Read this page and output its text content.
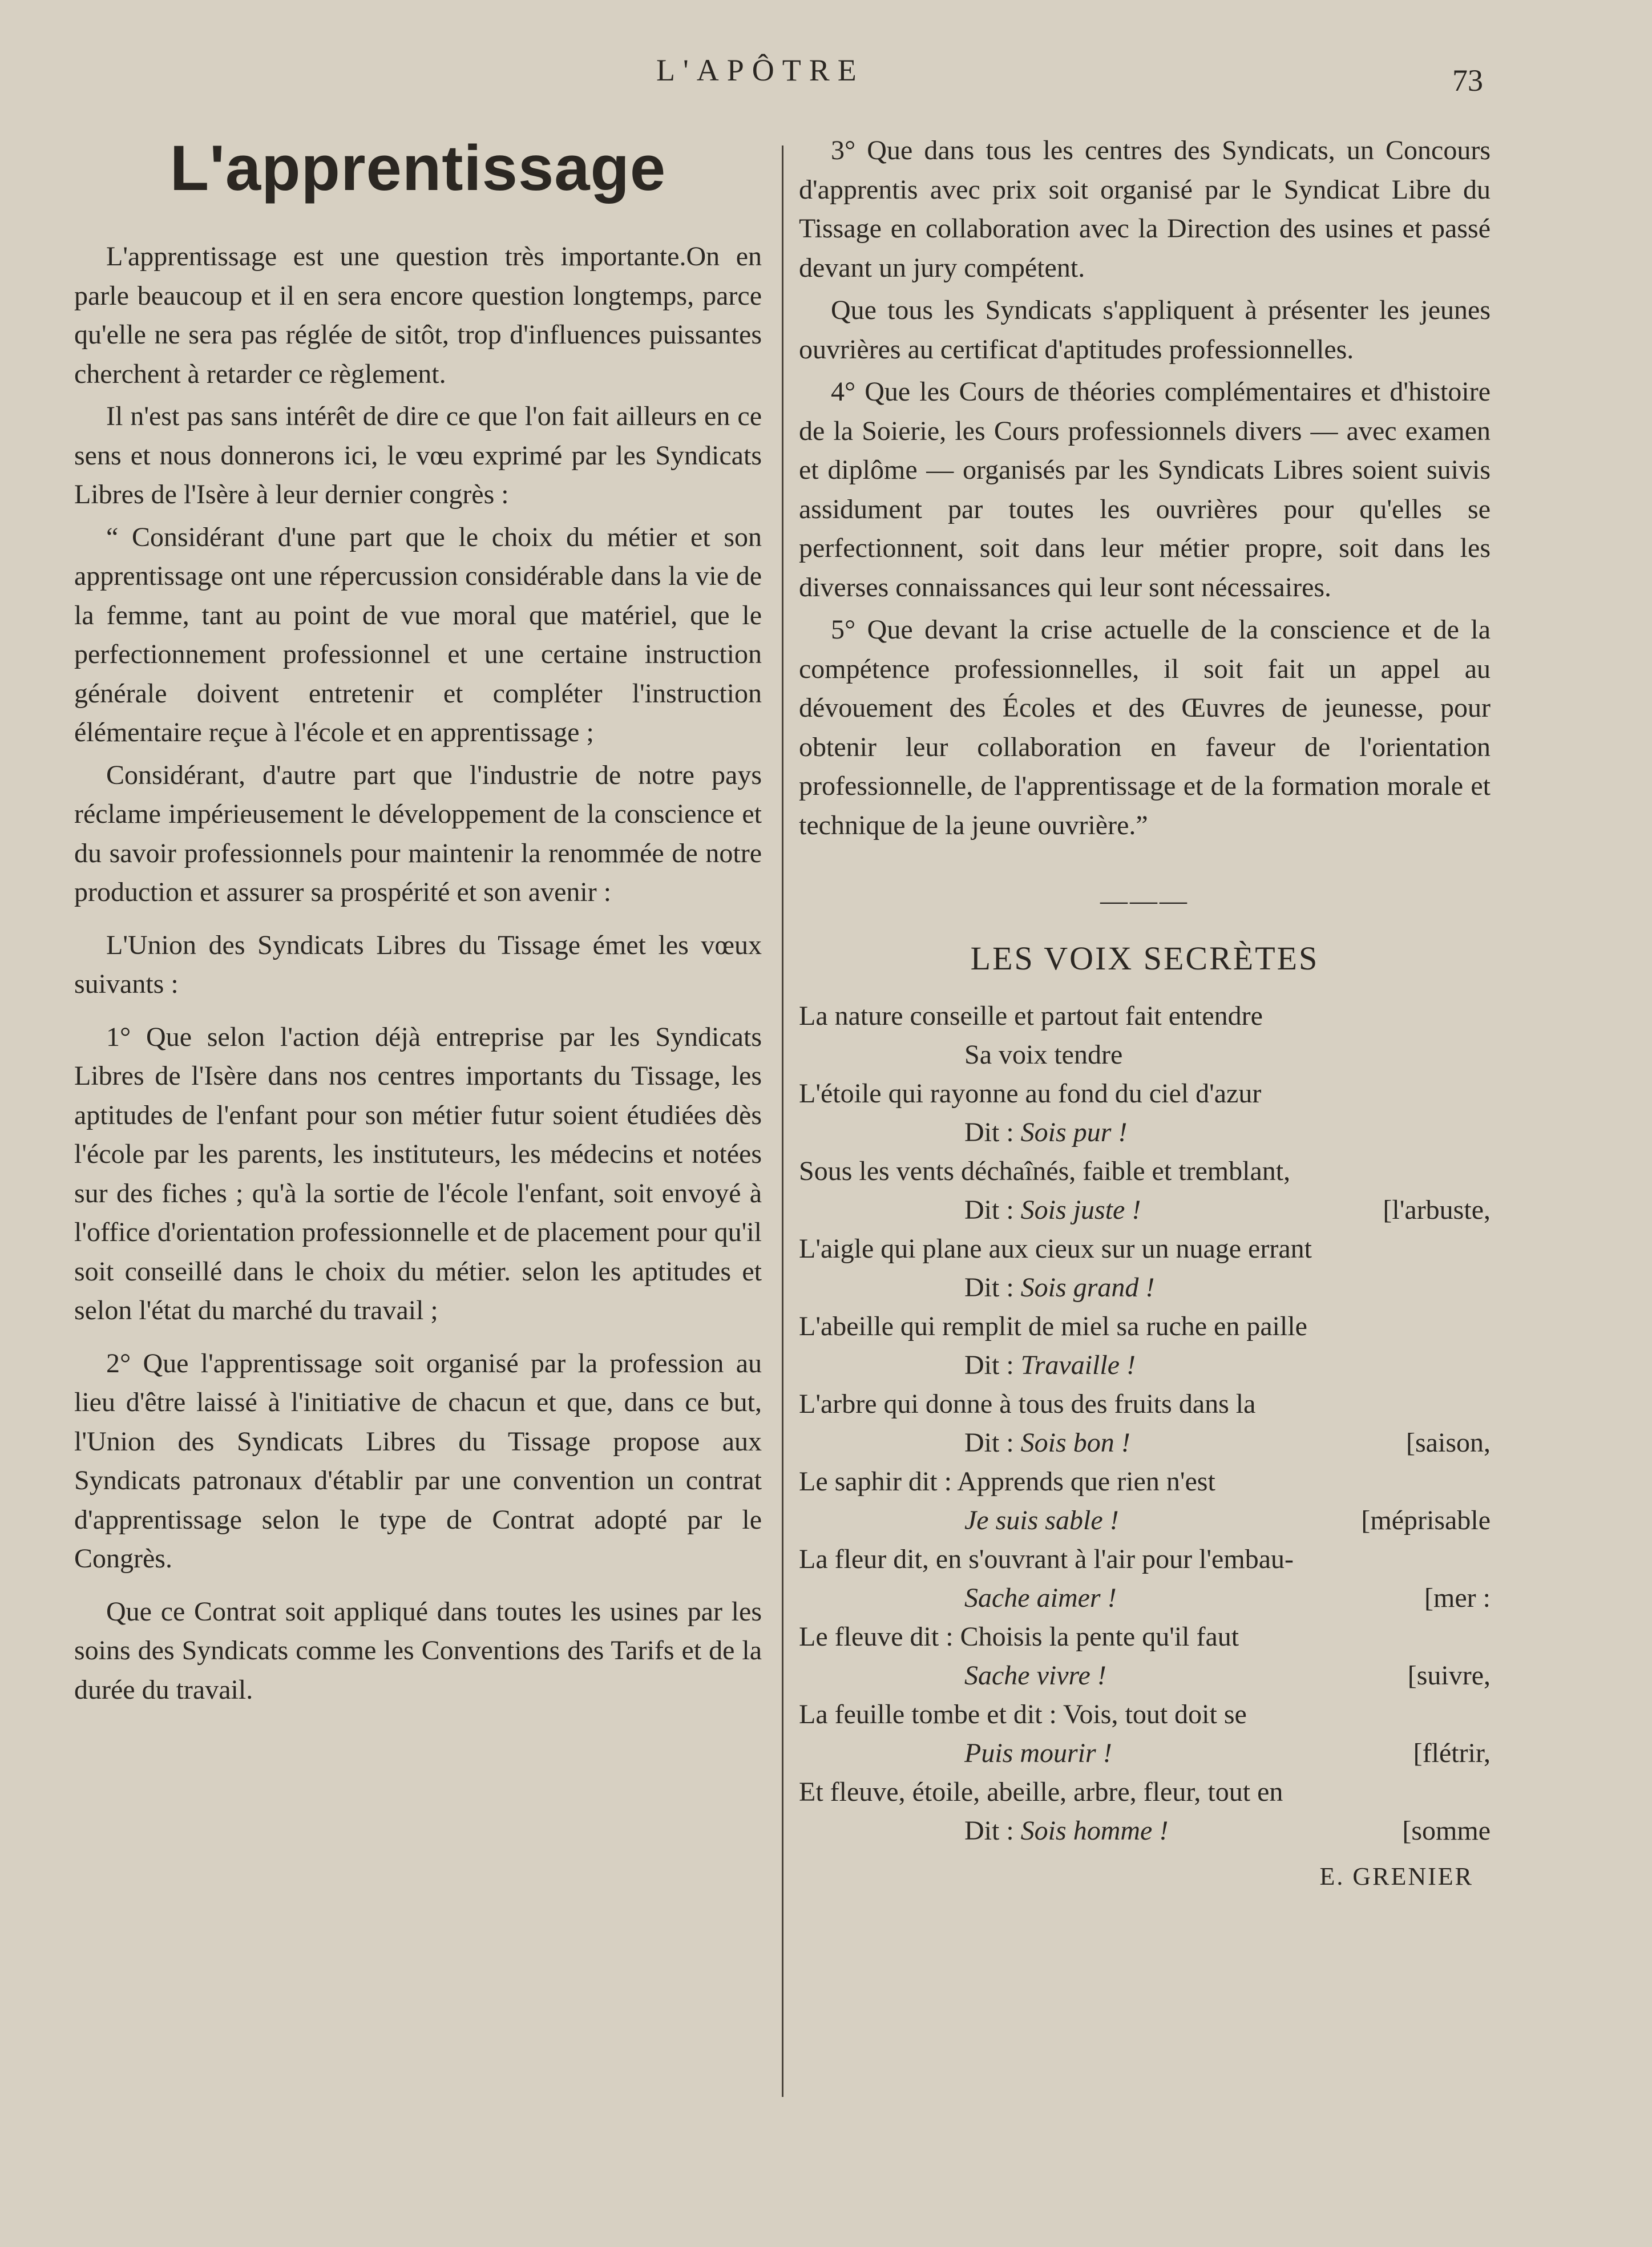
L'APÔTRE	73
L'apprentissage

L'apprentissage est une question très importante.On en parle beaucoup et il en sera encore question longtemps, parce qu'elle ne sera pas réglée de sitôt, trop d'influences puissantes cherchent à retarder ce règlement.

Il n'est pas sans intérêt de dire ce que l'on fait ailleurs en ce sens et nous donnerons ici, le vœu exprimé par les Syndicats Libres de l'Isère à leur dernier congrès :

“ Considérant d'une part que le choix du métier et son apprentissage ont une répercussion considérable dans la vie de la femme, tant au point de vue moral que matériel, que le perfectionnement professionnel et une certaine instruction générale doivent entretenir et compléter l'instruction élémentaire reçue à l'école et en apprentissage ;

Considérant, d'autre part que l'industrie de notre pays réclame impérieusement le développement de la conscience et du savoir professionnels pour maintenir la renommée de notre production et assurer sa prospérité et son avenir :

L'Union des Syndicats Libres du Tissage émet les vœux suivants :

1° Que selon l'action déjà entreprise par les Syndicats Libres de l'Isère dans nos centres importants du Tissage, les aptitudes de l'enfant pour son métier futur soient étudiées dès l'école par les parents, les instituteurs, les médecins et notées sur des fiches ; qu'à la sortie de l'école l'enfant, soit envoyé à l'office d'orientation professionnelle et de placement pour qu'il soit conseillé dans le choix du métier. selon les aptitudes et selon l'état du marché du travail ;

2° Que l'apprentissage soit organisé par la profession au lieu d'être laissé à l'initiative de chacun et que, dans ce but, l'Union des Syndicats Libres du Tissage propose aux Syndicats patronaux d'établir par une convention un contrat d'apprentissage selon le type de Contrat adopté par le Congrès.

Que ce Contrat soit appliqué dans toutes les usines par les soins des Syndicats comme les Conventions des Tarifs et de la durée du travail.

3° Que dans tous les centres des Syndicats, un Concours d'apprentis avec prix soit organisé par le Syndicat Libre du Tissage en collaboration avec la Direction des usines et passé devant un jury compétent.

Que tous les Syndicats s'appliquent à présenter les jeunes ouvrières au certificat d'aptitudes professionnelles.

4° Que les Cours de théories complémentaires et d'histoire de la Soierie, les Cours professionnels divers — avec examen et diplôme — organisés par les Syndicats Libres soient suivis assidument par toutes les ouvrières pour qu'elles se perfectionnent, soit dans leur métier propre, soit dans les diverses connaissances qui leur sont nécessaires.

5° Que devant la crise actuelle de la conscience et de la compétence professionnelles, il soit fait un appel au dévouement des Écoles et des Œuvres de jeunesse, pour obtenir leur collaboration en faveur de l'orientation professionnelle, de l'apprentissage et de la formation morale et technique de la jeune ouvrière.”

———
LES VOIX SECRÈTES
La nature conseille et partout fait entendre
Sa voix tendre
L'étoile qui rayonne au fond du ciel d'azur
Dit : Sois pur !
Sous les vents déchaînés, faible et tremblant,
Dit : Sois juste !	[l'arbuste,
L'aigle qui plane aux cieux sur un nuage errant
Dit : Sois grand !
L'abeille qui remplit de miel sa ruche en paille
Dit : Travaille !
L'arbre qui donne à tous des fruits dans la
Dit : Sois bon !	[saison,
Le saphir dit : Apprends que rien n'est
Je suis sable !	[méprisable
La fleur dit, en s'ouvrant à l'air pour l'embau-
Sache aimer !	[mer :
Le fleuve dit : Choisis la pente qu'il faut
Sache vivre !	[suivre,
La feuille tombe et dit : Vois, tout doit se
Puis mourir !	[flétrir,
Et fleuve, étoile, abeille, arbre, fleur, tout en
Dit : Sois homme !	[somme
E. GRENIER
